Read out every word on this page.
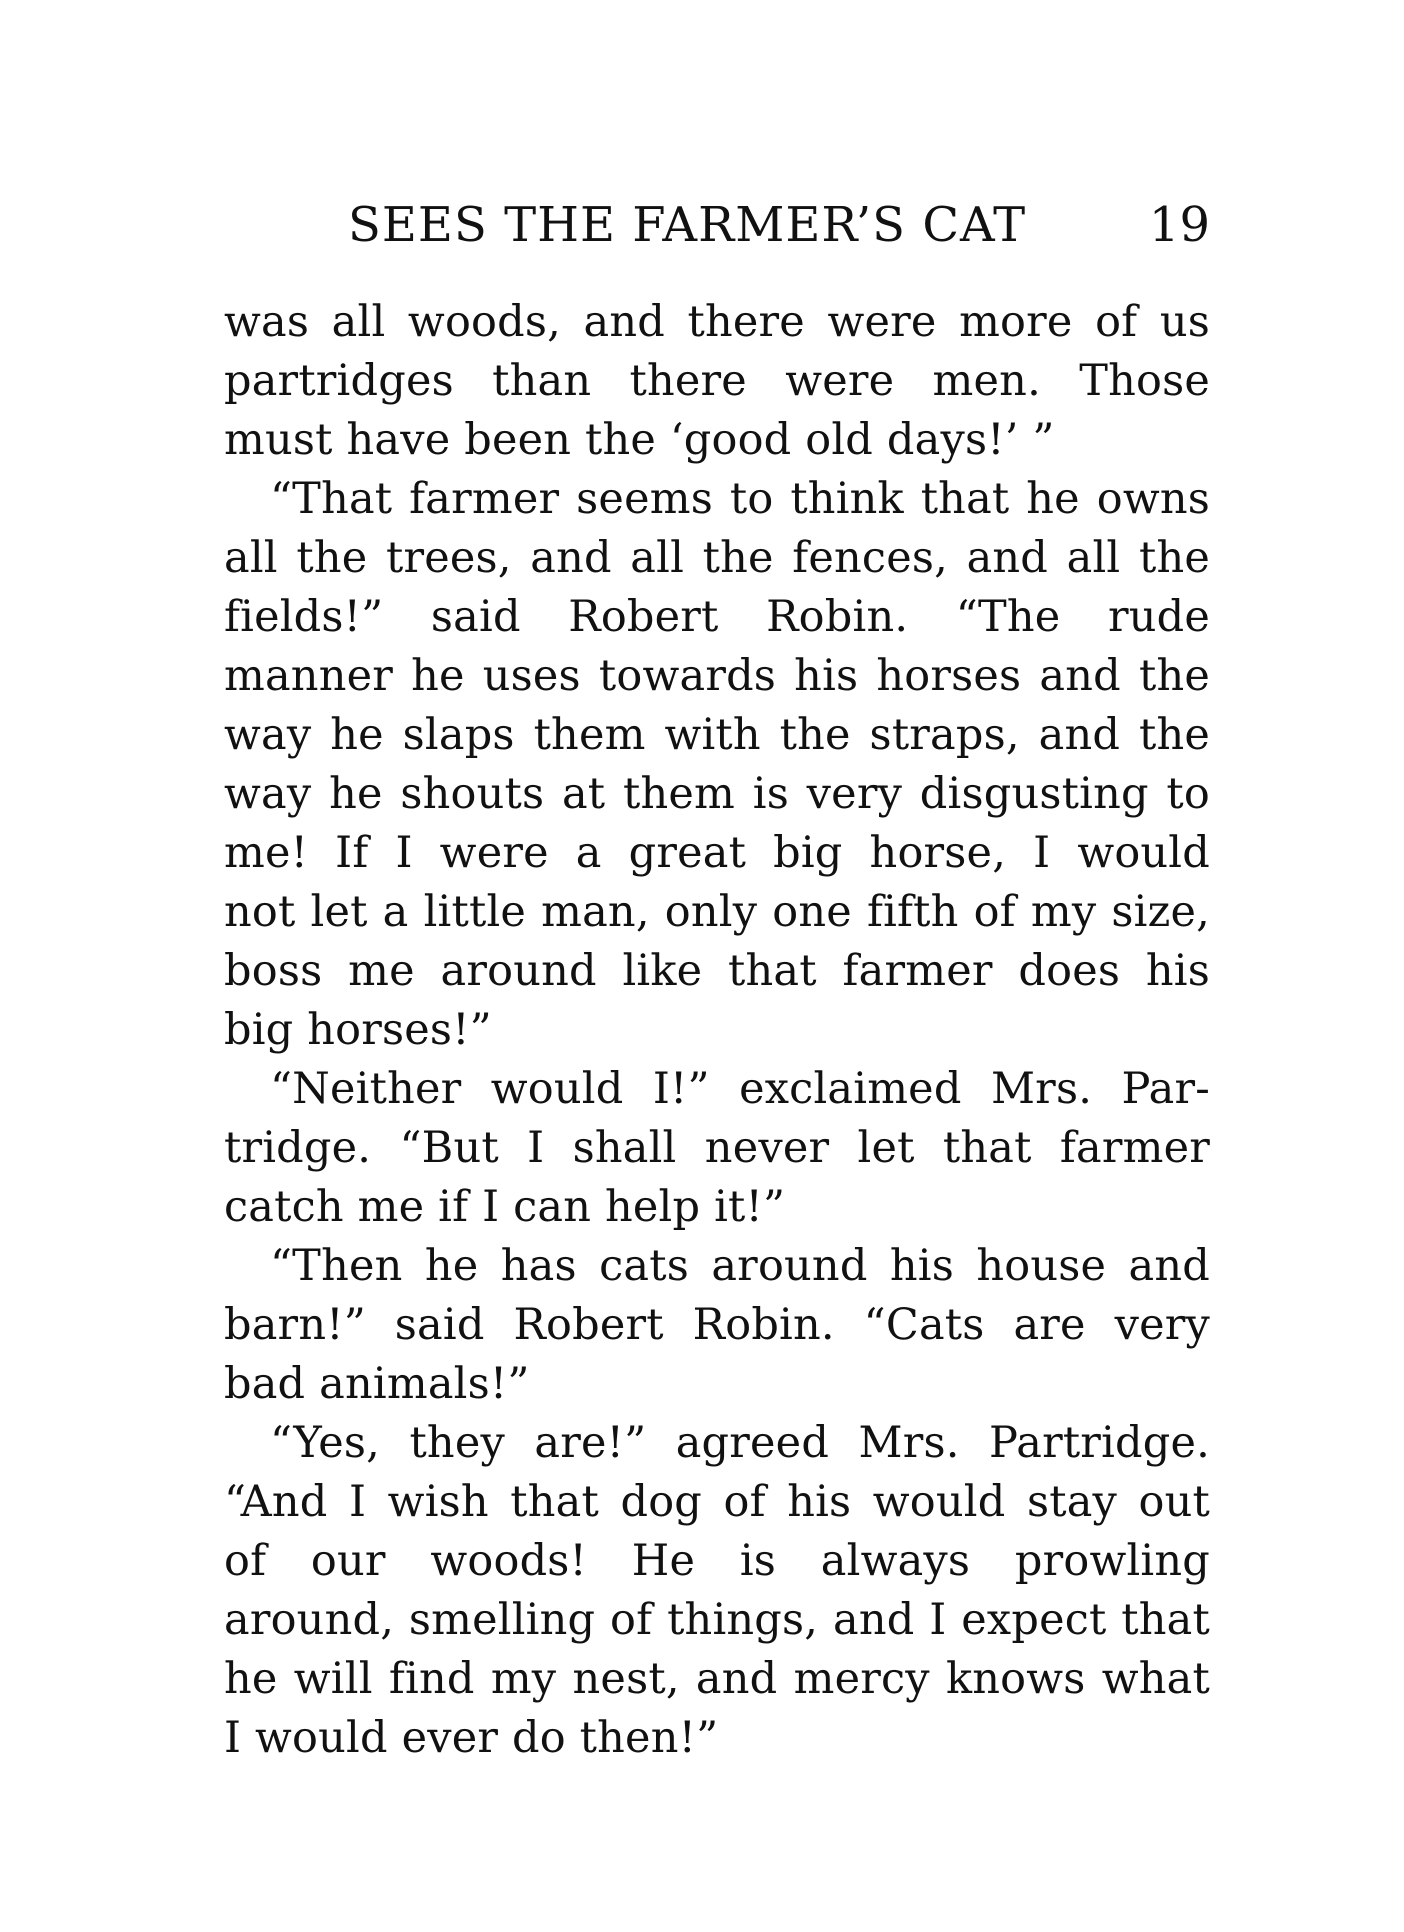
SEES THE FARMER’S CAT	19
was all woods, and there were more of us
partridges than there were men. Those
must have been the ‘good old days!’ ”
“That farmer seems to think that he owns
all the trees, and all the fences, and all the
fields!” said Robert Robin. “The rude
manner he uses towards his horses and the
way he slaps them with the straps, and the
way he shouts at them is very disgusting to
me! If I were a great big horse, I would
not let a little man, only one fifth of my size,
boss me around like that farmer does his
big horses!”
“Neither would I!” exclaimed Mrs. Par-
tridge. “But I shall never let that farmer
catch me if I can help it!”
“Then he has cats around his house and
barn!” said Robert Robin. “Cats are very
bad animals!”
“Yes, they are!” agreed Mrs. Partridge.
“And I wish that dog of his would stay out
of our woods! He is always prowling
around, smelling of things, and I expect that
he will find my nest, and mercy knows what
I would ever do then!”
